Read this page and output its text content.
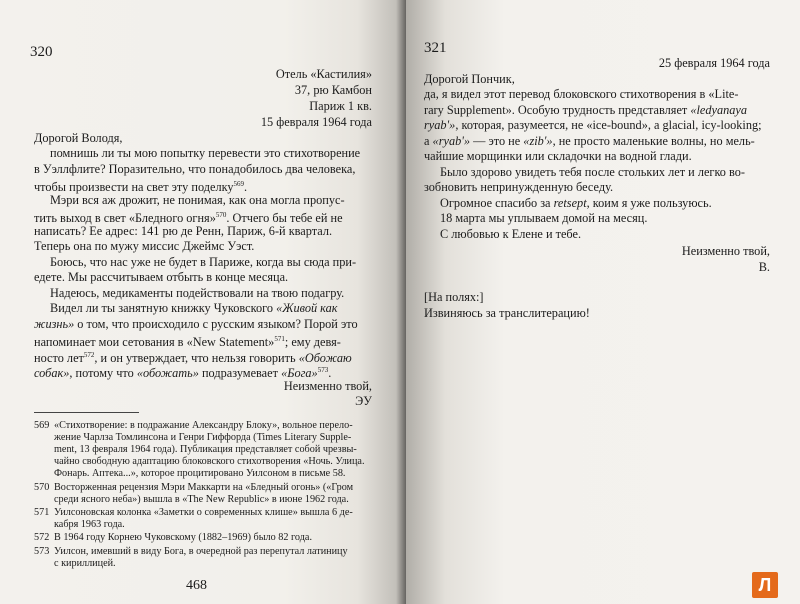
320
Отель «Кастилия»
37, рю Камбон
Париж 1 кв.
15 февраля 1964 года
Дорогой Володя,
помнишь ли ты мою попытку перевести это стихотворение
в Уэллфлите? Поразительно, что понадобилось два человека,
чтобы произвести на свет эту поделку$^{569}$.
Мэри вся аж дрожит, не понимая, как она могла пропус-
тить выход в свет «Бледного огня»$^{570}$. Отчего бы тебе ей не
написать? Ее адрес: 141 рю де Ренн, Париж, 6-й квартал.
Теперь она по мужу миссис Джеймс Уэст.
Боюсь, что нас уже не будет в Париже, когда вы сюда при-
едете. Мы рассчитываем отбыть в конце месяца.
Надеюсь, медикаменты подействовали на твою подагру.
Видел ли ты занятную книжку Чуковского «Живой как
жизнь» о том, что происходило с русским языком? Порой это
напоминает мои сетования в «New Statement»$^{571}$; ему девя-
носто лет$^{572}$, и он утверждает, что нельзя говорить «Обожаю
собак», потому что «обожать» подразумевает «Бога»$^{573}$.
Неизменно твой,
ЭУ
569 «Стихотворение: в подражание Александру Блоку», вольное перело-
жение Чарлза Томлинсона и Генри Гиффорда (Times Literary Supple-
ment, 13 февраля 1964 года). Публикация представляет собой чрезвы-
чайно свободную адаптацию блоковского стихотворения «Ночь. Улица.
Фонарь. Аптека...», которое процитировано Уилсоном в письме 58.
570 Восторженная рецензия Мэри Маккарти на «Бледный огонь» («Гром
среди ясного неба») вышла в «The New Republic» в июне 1962 года.
571 Уилсоновская колонка «Заметки о современных клише» вышла 6 де-
кабря 1963 года.
572 В 1964 году Корнею Чуковскому (1882–1969) было 82 года.
573 Уилсон, имевший в виду Бога, в очередной раз перепутал латиницу
с кириллицей.
468
321
25 февраля 1964 года
Дорогой Пончик,
да, я видел этот перевод блоковского стихотворения в «Lite-
rary Supplement». Особую трудность представляет «ledyanaya
ryab'», которая, разумеется, не «ice-bound», a glacial, icy-looking;
а «ryab'» — это не «zib'», не просто маленькие волны, но мель-
чайшие морщинки или складочки на водной глади.
Было здорово увидеть тебя после стольких лет и легко во-
зобновить непринужденную беседу.
Огромное спасибо за retsept, коим я уже пользуюсь.
18 марта мы уплываем домой на месяц.
С любовью к Елене и тебе.
Неизменно твой,
В.
[На полях:]
Извиняюсь за транслитерацию!
Л
